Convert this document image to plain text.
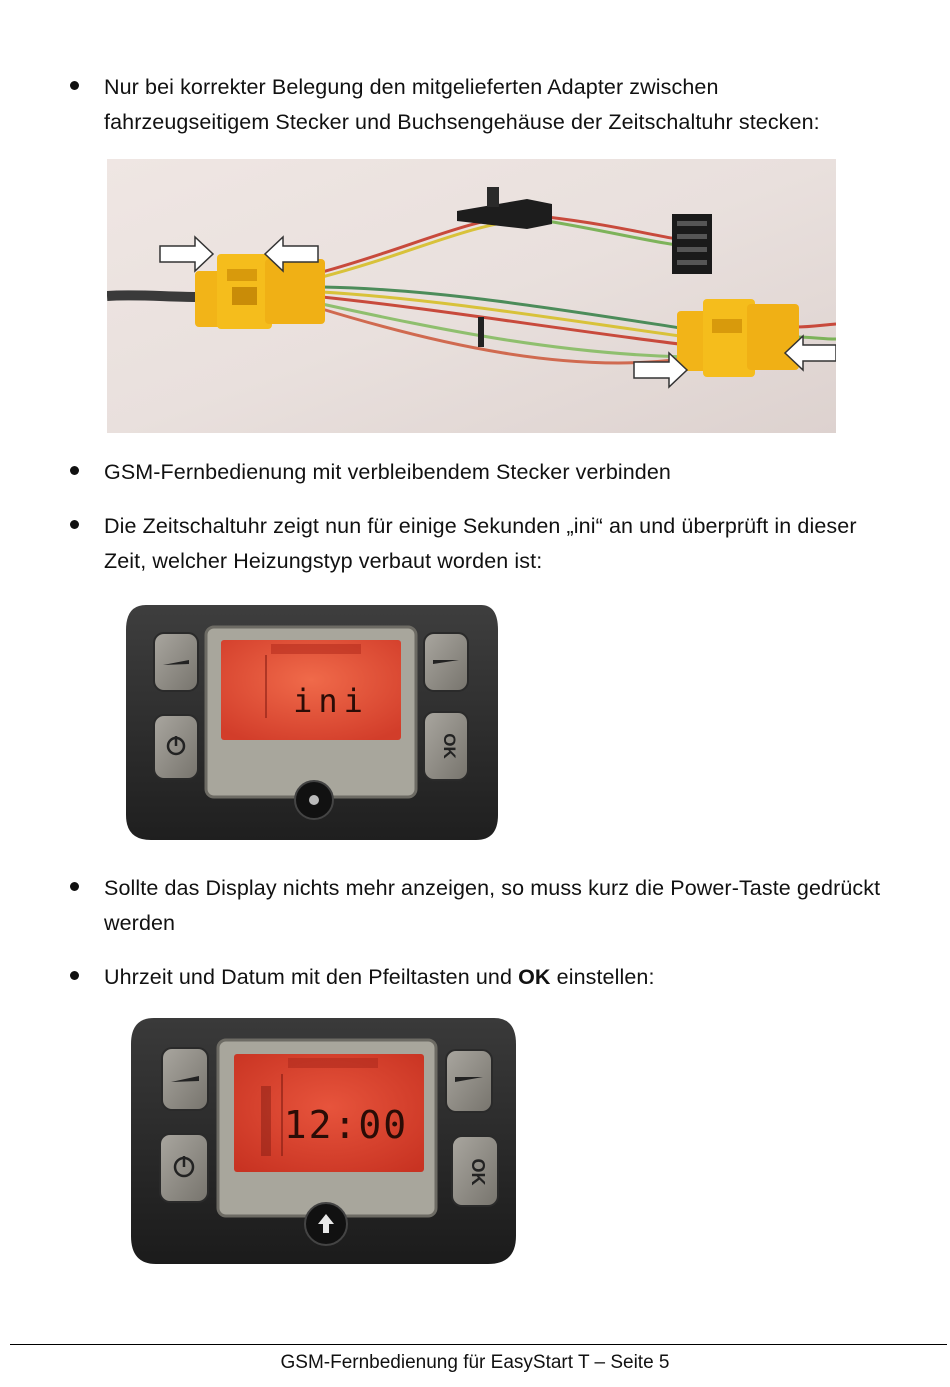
Nur bei korrekter Belegung den mitgelieferten Adapter zwischen fahrzeugseitigem Stecker und Buchsengehäuse der Zeitschaltuhr stecken:
GSM-Fernbedienung mit verbleibendem Stecker verbinden
Die Zeitschaltuhr zeigt nun für einige Sekunden „ini“ an und überprüft in dieser Zeit, welcher Heizungstyp verbaut worden ist:
ini
OK
Sollte das Display nichts mehr anzeigen, so muss kurz die Power-Taste gedrückt werden
Uhrzeit und Datum mit den Pfeiltasten und OK einstellen:
12:00
OK
GSM-Fernbedienung für EasyStart T – Seite 5
